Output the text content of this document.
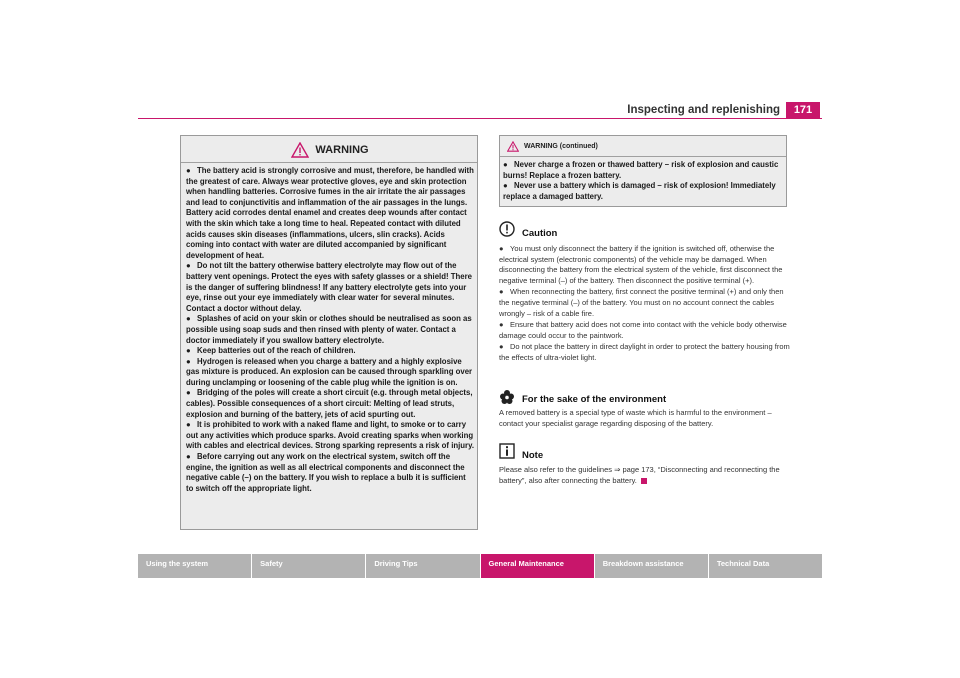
Inspecting and replenishing	171
WARNING
● The battery acid is strongly corrosive and must, therefore, be handled with the greatest of care. Always wear protective gloves, eye and skin protection when handling batteries. Corrosive fumes in the air irritate the air passages and lead to conjunctivitis and inflammation of the air passages in the lungs. Battery acid corrodes dental enamel and creates deep wounds after contact with the skin which take a long time to heal. Repeated contact with diluted acids causes skin diseases (inflammations, ulcers, slin cracks). Acids coming into contact with water are diluted accompanied by significant development of heat.
● Do not tilt the battery otherwise battery electrolyte may flow out of the battery vent openings. Protect the eyes with safety glasses or a shield! There is the danger of suffering blindness! If any battery electrolyte gets into your eye, rinse out your eye immediately with clear water for several minutes. Contact a doctor without delay.
● Splashes of acid on your skin or clothes should be neutralised as soon as possible using soap suds and then rinsed with plenty of water. Contact a doctor immediately if you swallow battery electrolyte.
● Keep batteries out of the reach of children.
● Hydrogen is released when you charge a battery and a highly explosive gas mixture is produced. An explosion can be caused through sparkling over during unclamping or loosening of the cable plug while the ignition is on.
● Bridging of the poles will create a short circuit (e.g. through metal objects, cables). Possible consequences of a short circuit: Melting of lead struts, explosion and burning of the battery, jets of acid spurting out.
● It is prohibited to work with a naked flame and light, to smoke or to carry out any activities which produce sparks. Avoid creating sparks when working with cables and electrical devices. Strong sparking represents a risk of injury.
● Before carrying out any work on the electrical system, switch off the engine, the ignition as well as all electrical components and disconnect the negative cable (–) on the battery. If you wish to replace a bulb it is sufficient to switch off the appropriate light.
WARNING (continued)
● Never charge a frozen or thawed battery – risk of explosion and caustic burns! Replace a frozen battery.
● Never use a battery which is damaged – risk of explosion! Immediately replace a damaged battery.
Caution
● You must only disconnect the battery if the ignition is switched off, otherwise the electrical system (electronic components) of the vehicle may be damaged. When disconnecting the battery from the electrical system of the vehicle, first disconnect the negative terminal (–) of the battery. Then disconnect the positive terminal (+).
● When reconnecting the battery, first connect the positive terminal (+) and only then the negative terminal (–) of the battery. You must on no account connect the cables wrongly – risk of a cable fire.
● Ensure that battery acid does not come into contact with the vehicle body otherwise damage could occur to the paintwork.
● Do not place the battery in direct daylight in order to protect the battery housing from the effects of ultra-violet light.
For the sake of the environment
A removed battery is a special type of waste which is harmful to the environment – contact your specialist garage regarding disposing of the battery.
Note
Please also refer to the guidelines ⇒ page 173, “Disconnecting and reconnecting the battery”, also after connecting the battery.
Using the system	Safety	Driving Tips	General Maintenance	Breakdown assistance	Technical Data
